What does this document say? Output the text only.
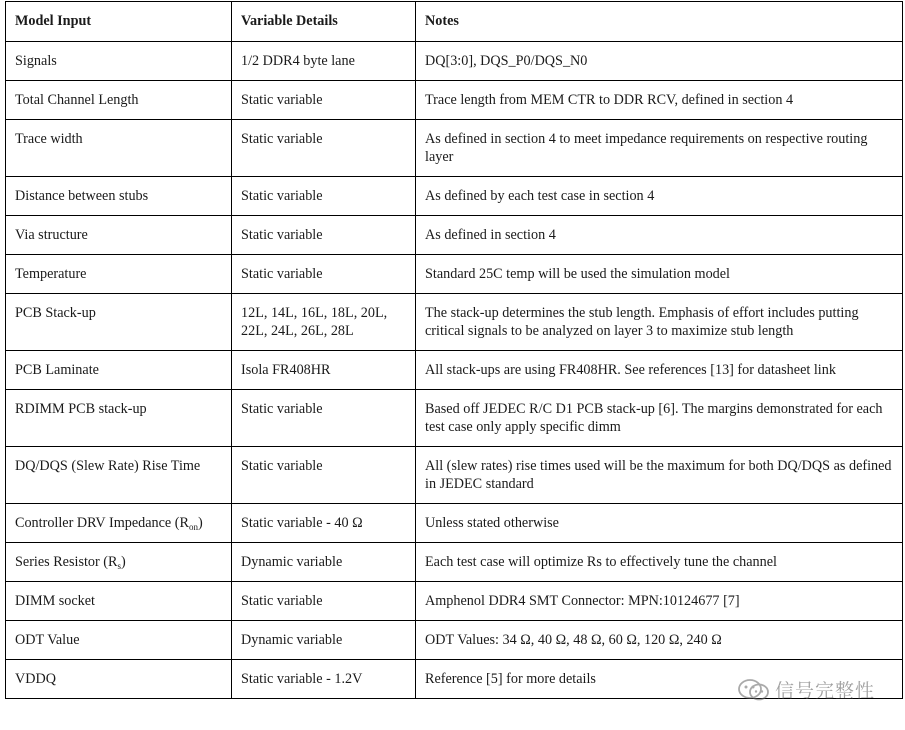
Model Input	Variable Details	Notes
Signals	1/2 DDR4 byte lane	DQ[3:0], DQS_P0/DQS_N0
Total Channel Length	Static variable	Trace length from MEM CTR to DDR RCV, defined in section 4
Trace width	Static variable	As defined in section 4 to meet impedance requirements on respective routing layer
Distance between stubs	Static variable	As defined by each test case in section 4
Via structure	Static variable	As defined in section 4
Temperature	Static variable	Standard 25C temp will be used the simulation model
PCB Stack-up	12L, 14L, 16L, 18L, 20L, 22L, 24L, 26L, 28L	The stack-up determines the stub length. Emphasis of effort includes putting critical signals to be analyzed on layer 3 to maximize stub length
PCB Laminate	Isola FR408HR	All stack-ups are using FR408HR. See references [13] for datasheet link
RDIMM PCB stack-up	Static variable	Based off JEDEC R/C D1 PCB stack-up [6]. The margins demonstrated for each test case only apply specific dimm
DQ/DQS (Slew Rate) Rise Time	Static variable	All (slew rates) rise times used will be the maximum for both DQ/DQS as defined in JEDEC standard
Controller DRV Impedance $(R_{on})$	Static variable - 40 Ω	Unless stated otherwise
Series Resistor $(R_s)$	Dynamic variable	Each test case will optimize Rs to effectively tune the channel
DIMM socket	Static variable	Amphenol DDR4 SMT Connector: MPN:10124677 [7]
ODT Value	Dynamic variable	ODT Values: 34 Ω, 40 Ω, 48 Ω, 60 Ω, 120 Ω, 240 Ω
VDDQ	Static variable - 1.2V	Reference [5] for more details
信号完整性
